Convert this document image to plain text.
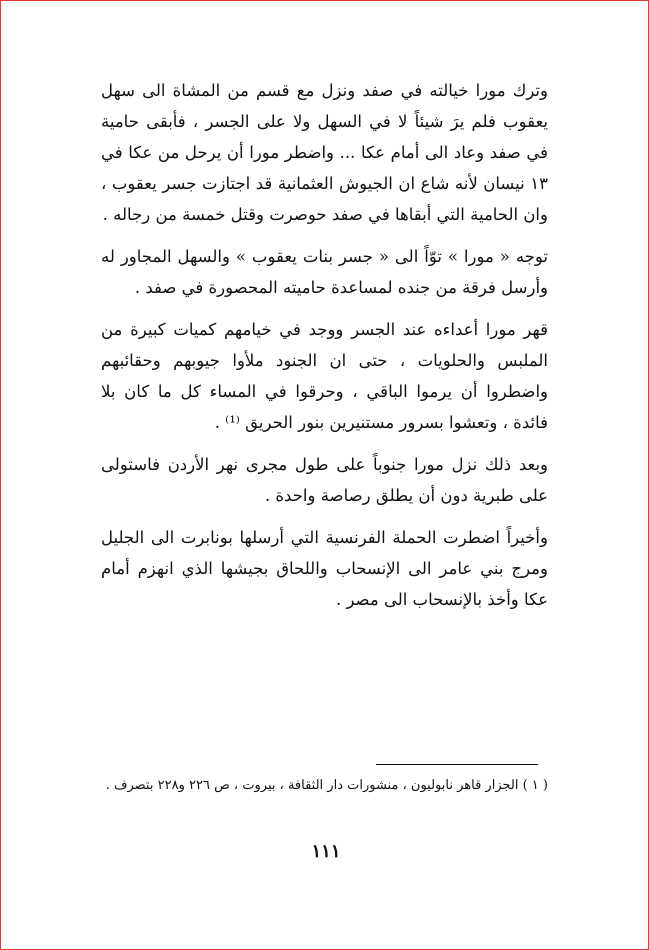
وترك مورا خيالته في صفد ونزل مع قسم من المشاة الى سهل يعقوب فلم يرَ شيئاً لا في السهل ولا على الجسر ، فأبقى حامية في صفد وعاد الى أمام عكا ... واضطر مورا أن يرحل من عكا في ١٣ نيسان لأنه شاع ان الجيوش العثمانية قد اجتازت جسر يعقوب ، وان الحامية التي أبقاها في صفد حوصرت وقتل خمسة من رجاله .

توجه « مورا » توّاً الى « جسر بنات يعقوب » والسهل المجاور له وأرسل فرقة من جنده لمساعدة حاميته المحصورة في صفد .

قهر مورا أعداءه عند الجسر ووجد في خيامهم كميات كبيرة من الملبس والحلويات ، حتى ان الجنود ملأوا جيوبهم وحقائبهم واضطروا أن يرموا الباقي ، وحرقوا في المساء كل ما كان بلا فائدة ، وتعشوا بسرور مستنيرين بنور الحريق ⁽¹⁾ .

وبعد ذلك نزل مورا جنوباً على طول مجرى نهر الأردن فاستولى على طبرية دون أن يطلق رصاصة واحدة .

وأخيراً اضطرت الحملة الفرنسية التي أرسلها بونابرت الى الجليل ومرج بني عامر الى الإنسحاب واللحاق بجيشها الذي انهزم أمام عكا وأخذ بالإنسحاب الى مصر .

( ١ ) الجزار قاهر نابوليون ، منشورات دار الثقافة ، بيروت ، ص ٢٢٦ و٢٢٨ بتصرف .
١١١
